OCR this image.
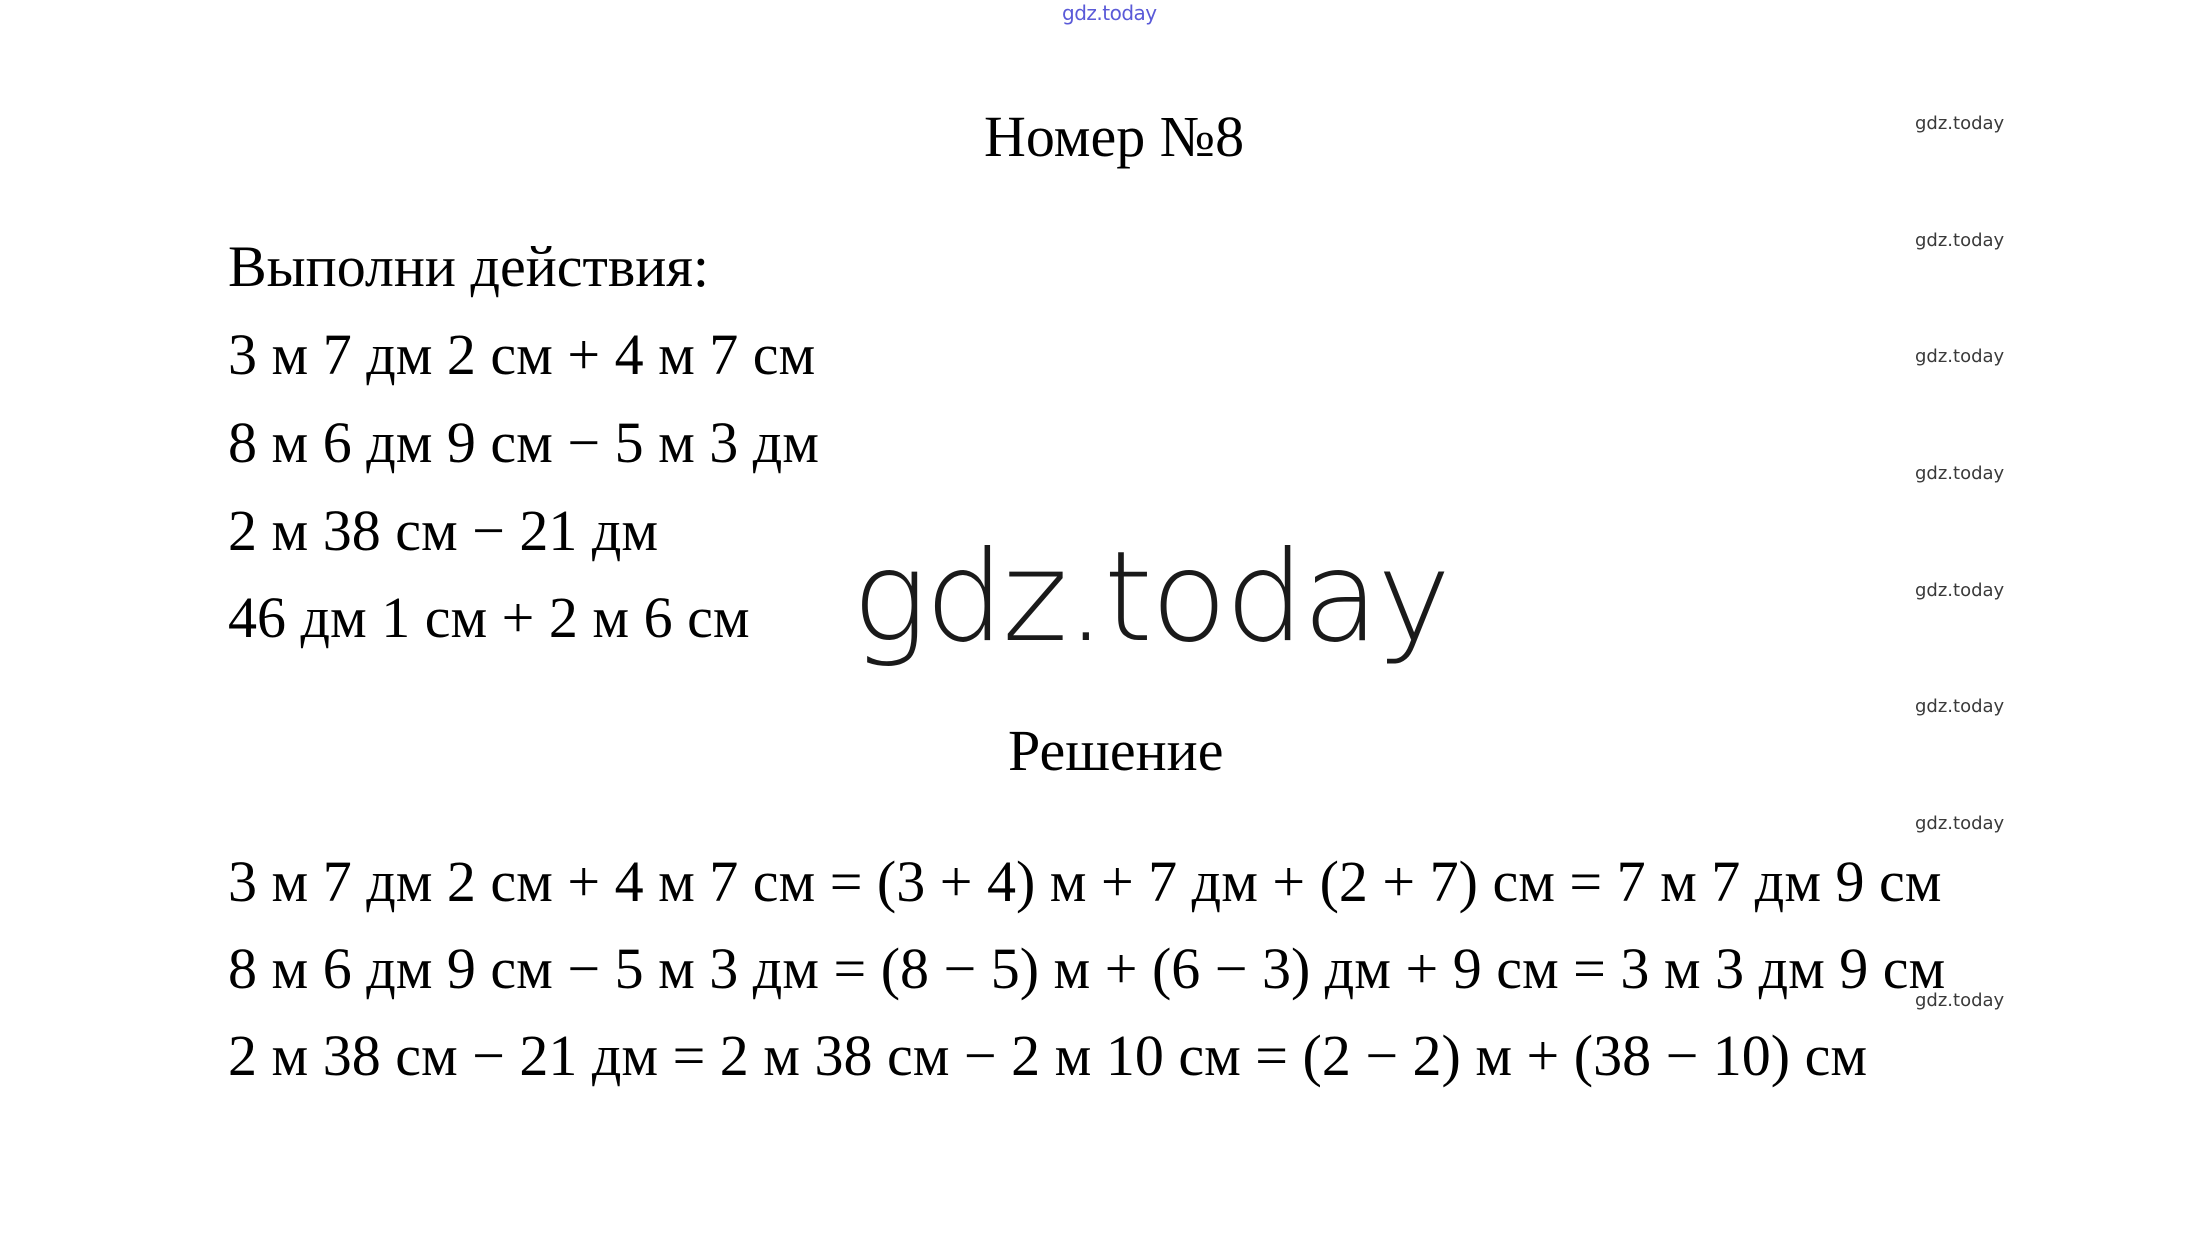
gdz.today
gdz.today
gdz.today
gdz.today
gdz.today
gdz.today
gdz.today
gdz.today
gdz.today
Номер №8
Выполни действия:
3 м 7 дм 2 см + 4 м 7 см
8 м 6 дм 9 см − 5 м 3 дм
2 м 38 см − 21 дм
46 дм 1 см + 2 м 6 см gdz.today
Решение
3 м 7 дм 2 см + 4 м 7 см = (3 + 4) м + 7 дм + (2 + 7) см = 7 м 7 дм 9 см
8 м 6 дм 9 см − 5 м 3 дм = (8 − 5) м + (6 − 3) дм + 9 см = 3 м 3 дм 9 см
2 м 38 см − 21 дм = 2 м 38 см − 2 м 10 см = (2 − 2) м + (38 − 10) см
